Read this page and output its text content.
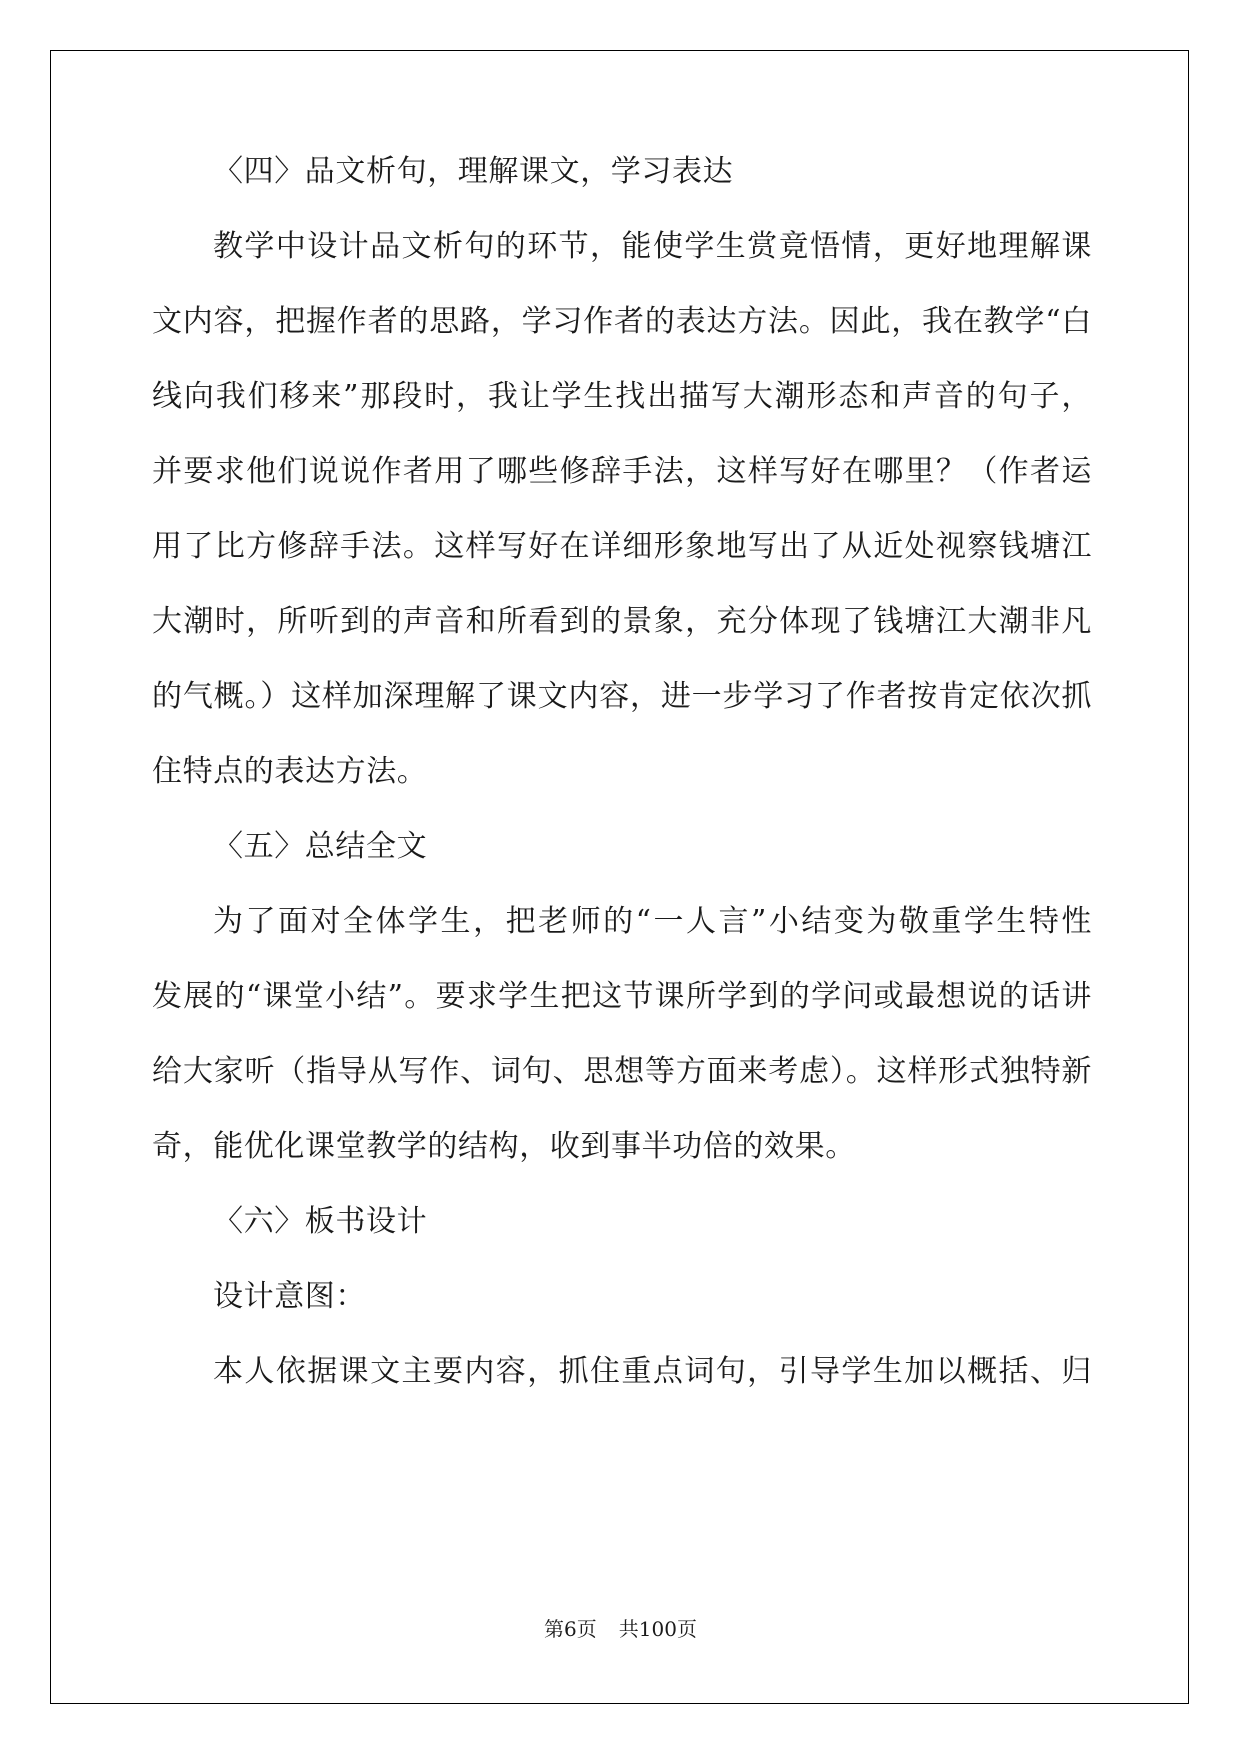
〈四〉品文析句，理解课文，学习表达

教学中设计品文析句的环节，能使学生赏竟悟情，更好地理解课

文内容，把握作者的思路，学习作者的表达方法。因此，我在教学“白

线向我们移来”那段时，我让学生找出描写大潮形态和声音的句子，

并要求他们说说作者用了哪些修辞手法，这样写好在哪里？（作者运

用了比方修辞手法。这样写好在详细形象地写出了从近处视察钱塘江

大潮时，所听到的声音和所看到的景象，充分体现了钱塘江大潮非凡

的气概。）这样加深理解了课文内容，进一步学习了作者按肯定依次抓

住特点的表达方法。

〈五〉总结全文

为了面对全体学生，把老师的“一人言”小结变为敬重学生特性

发展的“课堂小结”。要求学生把这节课所学到的学问或最想说的话讲

给大家听（指导从写作、词句、思想等方面来考虑）。这样形式独特新

奇，能优化课堂教学的结构，收到事半功倍的效果。

〈六〉板书设计

设计意图：

本人依据课文主要内容，抓住重点词句，引导学生加以概括、归

第6页 共100页
